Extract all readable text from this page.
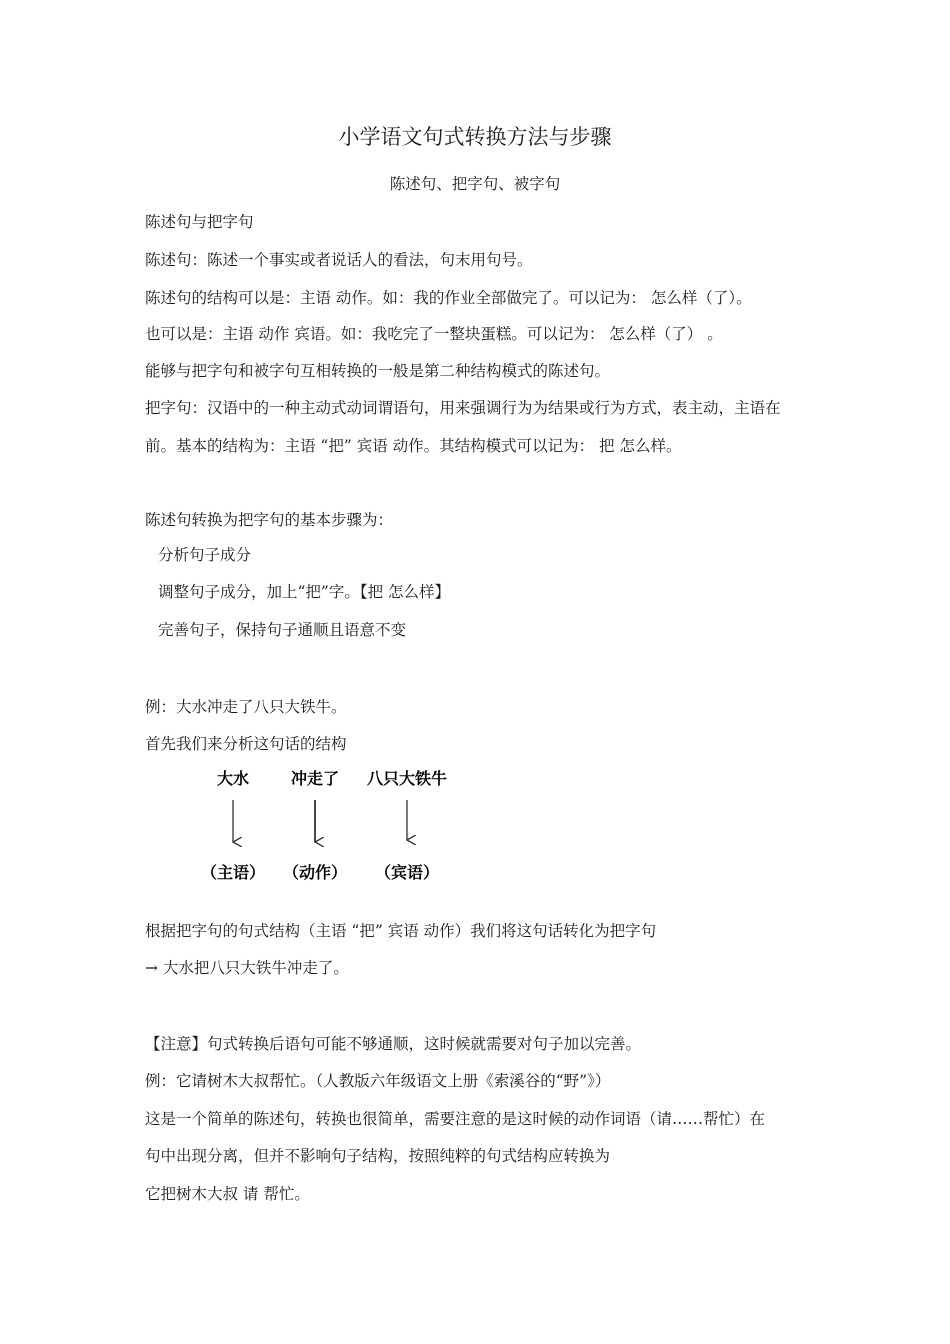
小学语文句式转换方法与步骤
陈述句、把字句、被字句
陈述句与把字句
陈述句：陈述一个事实或者说话人的看法，句末用句号。
陈述句的结构可以是：主语 动作。如：我的作业全部做完了。可以记为： 怎么样（了）。
也可以是：主语 动作 宾语。如：我吃完了一整块蛋糕。可以记为： 怎么样（了） 。
能够与把字句和被字句互相转换的一般是第二种结构模式的陈述句。
把字句：汉语中的一种主动式动词谓语句，用来强调行为为结果或行为方式，表主动，主语在
前。基本的结构为：主语 “把” 宾语 动作。其结构模式可以记为： 把 怎么样。
陈述句转换为把字句的基本步骤为：
分析句子成分
调整句子成分，加上“把”字。【把 怎么样】
完善句子，保持句子通顺且语意不变
例：大水冲走了八只大铁牛。
首先我们来分析这句话的结构
大水	冲走了 八只大铁牛
（主语） （动作） （宾语）
根据把字句的句式结构（主语 “把” 宾语 动作）我们将这句话转化为把字句
→ 大水把八只大铁牛冲走了。
【注意】句式转换后语句可能不够通顺，这时候就需要对句子加以完善。
例：它请树木大叔帮忙。（人教版六年级语文上册《索溪谷的“野”》）
这是一个简单的陈述句，转换也很简单，需要注意的是这时候的动作词语（请……帮忙）在
句中出现分离，但并不影响句子结构，按照纯粹的句式结构应转换为
它把树木大叔 请 帮忙。
